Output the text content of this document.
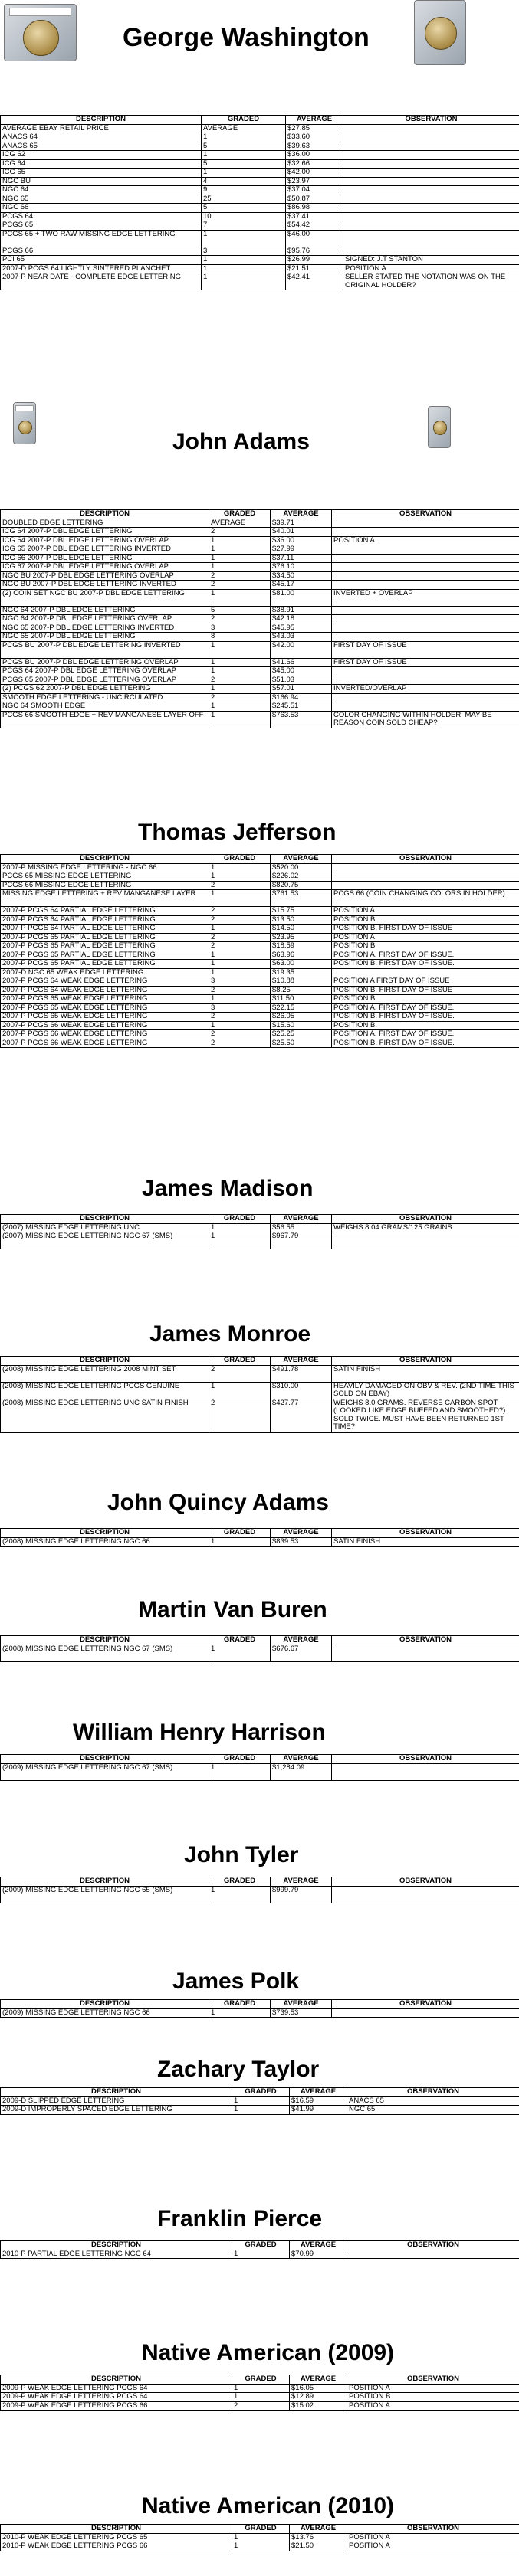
George Washington
DESCRIPTION	GRADED	AVERAGE	OBSERVATION
AVERAGE EBAY RETAIL PRICE	AVERAGE	$27.85	
ANACS 64	1	$33.60	
ANACS 65	5	$39.63	
ICG 62	1	$36.00	
ICG 64	5	$32.66	
ICG 65	1	$42.00	
NGC BU	4	$23.97	
NGC 64	9	$37.04	
NGC 65	25	$50.87	
NGC 66	5	$86.98	
PCGS 64	10	$37.41	
PCGS 65	7	$54.42	
PCGS 65 + TWO RAW MISSING EDGE LETTERING	1	$46.00	
PCGS 66	3	$95.76	
PCI 65	1	$26.99	SIGNED: J.T STANTON
2007-D PCGS 64 LIGHTLY SINTERED PLANCHET	1	$21.51	POSITION A
2007-P NEAR DATE - COMPLETE EDGE LETTERING	1	$42.41	SELLER STATED THE NOTATION WAS ON THE ORIGINAL HOLDER?
John Adams
DESCRIPTION	GRADED	AVERAGE	OBSERVATION
DOUBLED EDGE LETTERING	AVERAGE	$39.71	
ICG 64 2007-P DBL EDGE LETTERING	2	$40.01	
ICG 64 2007-P DBL EDGE LETTERING OVERLAP	1	$36.00	POSITION A
ICG 65 2007-P DBL EDGE LETTERING INVERTED	1	$27.99	
ICG 66 2007-P DBL EDGE LETTERING	1	$37.11	
ICG 67 2007-P DBL EDGE LETTERING OVERLAP	1	$76.10	
NGC BU 2007-P DBL EDGE LETTERING OVERLAP	2	$34.50	
NGC BU 2007-P DBL EDGE LETTERING INVERTED	2	$45.17	
(2) COIN SET NGC BU 2007-P DBL EDGE LETTERING	1	$81.00	INVERTED + OVERLAP
NGC 64 2007-P DBL EDGE LETTERING	5	$38.91	
NGC 64 2007-P DBL EDGE LETTERING OVERLAP	2	$42.18	
NGC 65 2007-P DBL EDGE LETTERING INVERTED	3	$45.95	
NGC 65 2007-P DBL EDGE LETTERING	8	$43.03	
PCGS BU 2007-P DBL EDGE LETTERING INVERTED	1	$42.00	FIRST DAY OF ISSUE
PCGS BU 2007-P DBL EDGE LETTERING OVERLAP	1	$41.66	FIRST DAY OF ISSUE
PCGS 64 2007-P DBL EDGE LETTERING OVERLAP	1	$45.00	
PCGS 65 2007-P DBL EDGE LETTERING OVERLAP	2	$51.03	
(2) PCGS 62 2007-P DBL EDGE LETTERING	1	$57.01	INVERTED/OVERLAP
SMOOTH EDGE LETTERING - UNCIRCULATED	2	$166.94	
NGC 64 SMOOTH EDGE	1	$245.51	
PCGS 66 SMOOTH EDGE + REV MANGANESE LAYER OFF	1	$763.53	COLOR CHANGING WITHIN HOLDER. MAY BE REASON COIN SOLD CHEAP?
Thomas Jefferson
DESCRIPTION	GRADED	AVERAGE	OBSERVATION
2007-P MISSING EDGE LETTERING - NGC 66	1	$520.00	
PCGS 65 MISSING EDGE LETTERING	1	$226.02	
PCGS 66 MISSING EDGE LETTERING	2	$820.75	
MISSING EDGE LETTERING + REV MANGANESE LAYER	1	$761.53	PCGS 66 (COIN CHANGING COLORS IN HOLDER)
2007-P PCGS 64 PARTIAL EDGE LETTERING	2	$15.75	POSITION A
2007-P PCGS 64 PARTIAL EDGE LETTERING	2	$13.50	POSITION B
2007-P PCGS 64 PARTIAL EDGE LETTERING	1	$14.50	POSITION B. FIRST DAY OF ISSUE
2007-P PCGS 65 PARTIAL EDGE LETTERING	2	$23.95	POSITION A
2007-P PCGS 65 PARTIAL EDGE LETTERING	2	$18.59	POSITION B
2007-P PCGS 65 PARTIAL EDGE LETTERING	1	$63.96	POSITION A. FIRST DAY OF ISSUE.
2007-P PCGS 65 PARTIAL EDGE LETTERING	1	$63.00	POSITION B. FIRST DAY OF ISSUE.
2007-D NGC 65 WEAK EDGE LETTERING	1	$19.35	
2007-P PCGS 64 WEAK EDGE LETTERING	3	$10.88	POSITION A FIRST DAY OF ISSUE
2007-P PCGS 64 WEAK EDGE LETTERING	2	$8.25	POSITION B. FIRST DAY OF ISSUE
2007-P PCGS 65 WEAK EDGE LETTERING	1	$11.50	POSITION B.
2007-P PCGS 65 WEAK EDGE LETTERING	3	$22.15	POSITION A. FIRST DAY OF ISSUE.
2007-P PCGS 65 WEAK EDGE LETTERING	2	$26.05	POSITION B. FIRST DAY OF ISSUE.
2007-P PCGS 66 WEAK EDGE LETTERING	1	$15.60	POSITION B.
2007-P PCGS 66 WEAK EDGE LETTERING	2	$25.25	POSITION A. FIRST DAY OF ISSUE.
2007-P PCGS 66 WEAK EDGE LETTERING	2	$25.50	POSITION B. FIRST DAY OF ISSUE.
James Madison
DESCRIPTION	GRADED	AVERAGE	OBSERVATION
(2007) MISSING EDGE LETTERING UNC	1	$56.55	WEIGHS 8.04 GRAMS/125 GRAINS.
(2007) MISSING EDGE LETTERING NGC 67 (SMS)	1	$967.79	
James Monroe
DESCRIPTION	GRADED	AVERAGE	OBSERVATION
(2008) MISSING EDGE LETTERING 2008 MINT SET	2	$491.78	SATIN FINISH
(2008) MISSING EDGE LETTERING PCGS GENUINE	1	$310.00	HEAVILY DAMAGED ON OBV & REV. (2ND TIME THIS SOLD ON EBAY)
(2008) MISSING EDGE LETTERING UNC SATIN FINISH	2	$427.77	WEIGHS 8.0 GRAMS. REVERSE CARBON SPOT. (LOOKED LIKE EDGE BUFFED AND SMOOTHED?) SOLD TWICE. MUST HAVE BEEN RETURNED 1ST TIME?
John Quincy Adams
DESCRIPTION	GRADED	AVERAGE	OBSERVATION
(2008) MISSING EDGE LETTERING NGC 66	1	$839.53	SATIN FINISH
Martin Van Buren
DESCRIPTION	GRADED	AVERAGE	OBSERVATION
(2008) MISSING EDGE LETTERING NGC 67 (SMS)	1	$676.67	
William Henry Harrison
DESCRIPTION	GRADED	AVERAGE	OBSERVATION
(2009) MISSING EDGE LETTERING NGC 67 (SMS)	1	$1,284.09	
John Tyler
DESCRIPTION	GRADED	AVERAGE	OBSERVATION
(2009) MISSING EDGE LETTERING NGC 65 (SMS)	1	$999.79	
James Polk
DESCRIPTION	GRADED	AVERAGE	OBSERVATION
(2009) MISSING EDGE LETTERING NGC 66	1	$739.53	
Zachary Taylor
DESCRIPTION	GRADED	AVERAGE	OBSERVATION
2009-D SLIPPED EDGE LETTERING	1	$16.59	ANACS 65
2009-D IMPROPERLY SPACED EDGE LETTERING	1	$41.99	NGC 65
Franklin Pierce
DESCRIPTION	GRADED	AVERAGE	OBSERVATION
2010-P PARTIAL EDGE LETTERING NGC 64	1	$70.99	
Native American (2009)
DESCRIPTION	GRADED	AVERAGE	OBSERVATION
2009-P WEAK EDGE LETTERING PCGS 64	1	$16.05	POSITION A
2009-P WEAK EDGE LETTERING PCGS 64	1	$12.89	POSITION B
2009-P WEAK EDGE LETTERING PCGS 66	2	$15.02	POSITION A
Native American (2010)
DESCRIPTION	GRADED	AVERAGE	OBSERVATION
2010-P WEAK EDGE LETTERING PCGS 65	1	$13.76	POSITION A
2010-P WEAK EDGE LETTERING PCGS 66	1	$21.50	POSITION A
